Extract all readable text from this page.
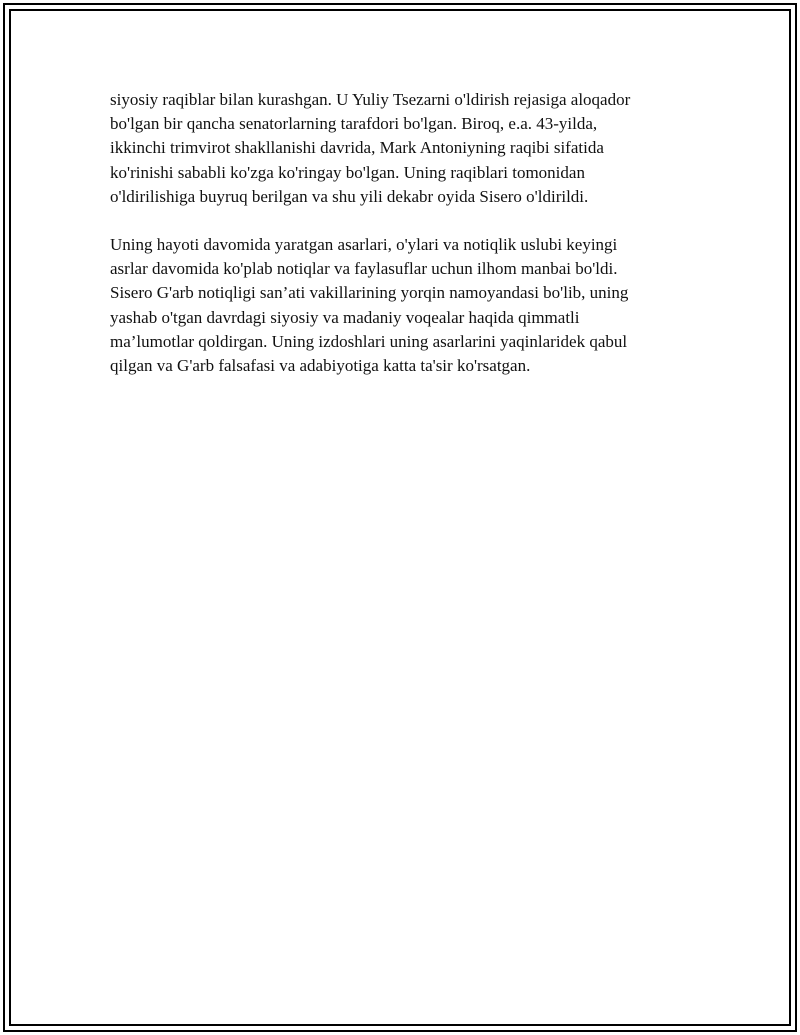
siyosiy raqiblar bilan kurashgan. U Yuliy Tsezarni o'ldirish rejasiga aloqador

bo'lgan bir qancha senatorlarning tarafdori bo'lgan. Biroq, e.a. 43-yilda,

ikkinchi trimvirot shakllanishi davrida, Mark Antoniyning raqibi sifatida

ko'rinishi sababli ko'zga ko'ringay bo'lgan. Uning raqiblari tomonidan

o'ldirilishiga buyruq berilgan va shu yili dekabr oyida Sisero o'ldirildi.

Uning hayoti davomida yaratgan asarlari, o'ylari va notiqlik uslubi keyingi

asrlar davomida ko'plab notiqlar va faylasuflar uchun ilhom manbai bo'ldi.

Sisero G'arb notiqligi san’ati vakillarining yorqin namoyandasi bo'lib, uning

yashab o'tgan davrdagi siyosiy va madaniy voqealar haqida qimmatli

ma’lumotlar qoldirgan. Uning izdoshlari uning asarlarini yaqinlaridek qabul

qilgan va G'arb falsafasi va adabiyotiga katta ta'sir ko'rsatgan.
